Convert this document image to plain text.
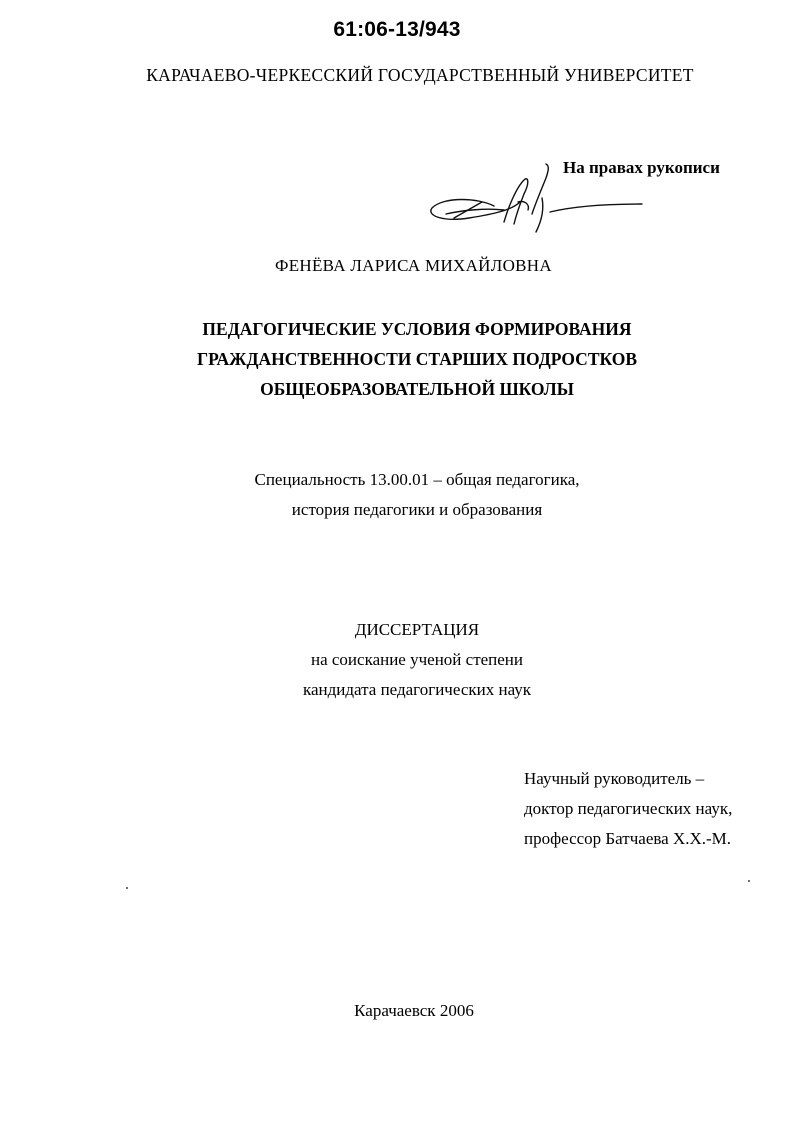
61:06-13/943
КАРАЧАЕВО-ЧЕРКЕССКИЙ ГОСУДАРСТВЕННЫЙ УНИВЕРСИТЕТ
На правах рукописи
ФЕНЁВА ЛАРИСА МИХАЙЛОВНА
ПЕДАГОГИЧЕСКИЕ УСЛОВИЯ ФОРМИРОВАНИЯ
ГРАЖДАНСТВЕННОСТИ СТАРШИХ ПОДРОСТКОВ
ОБЩЕОБРАЗОВАТЕЛЬНОЙ ШКОЛЫ
Специальность 13.00.01 – общая педагогика,
история педагогики и образования
ДИССЕРТАЦИЯ
на соискание ученой степени
кандидата педагогических наук
Научный руководитель –
доктор педагогических наук,
профессор Батчаева Х.Х.-М.
Карачаевск 2006
